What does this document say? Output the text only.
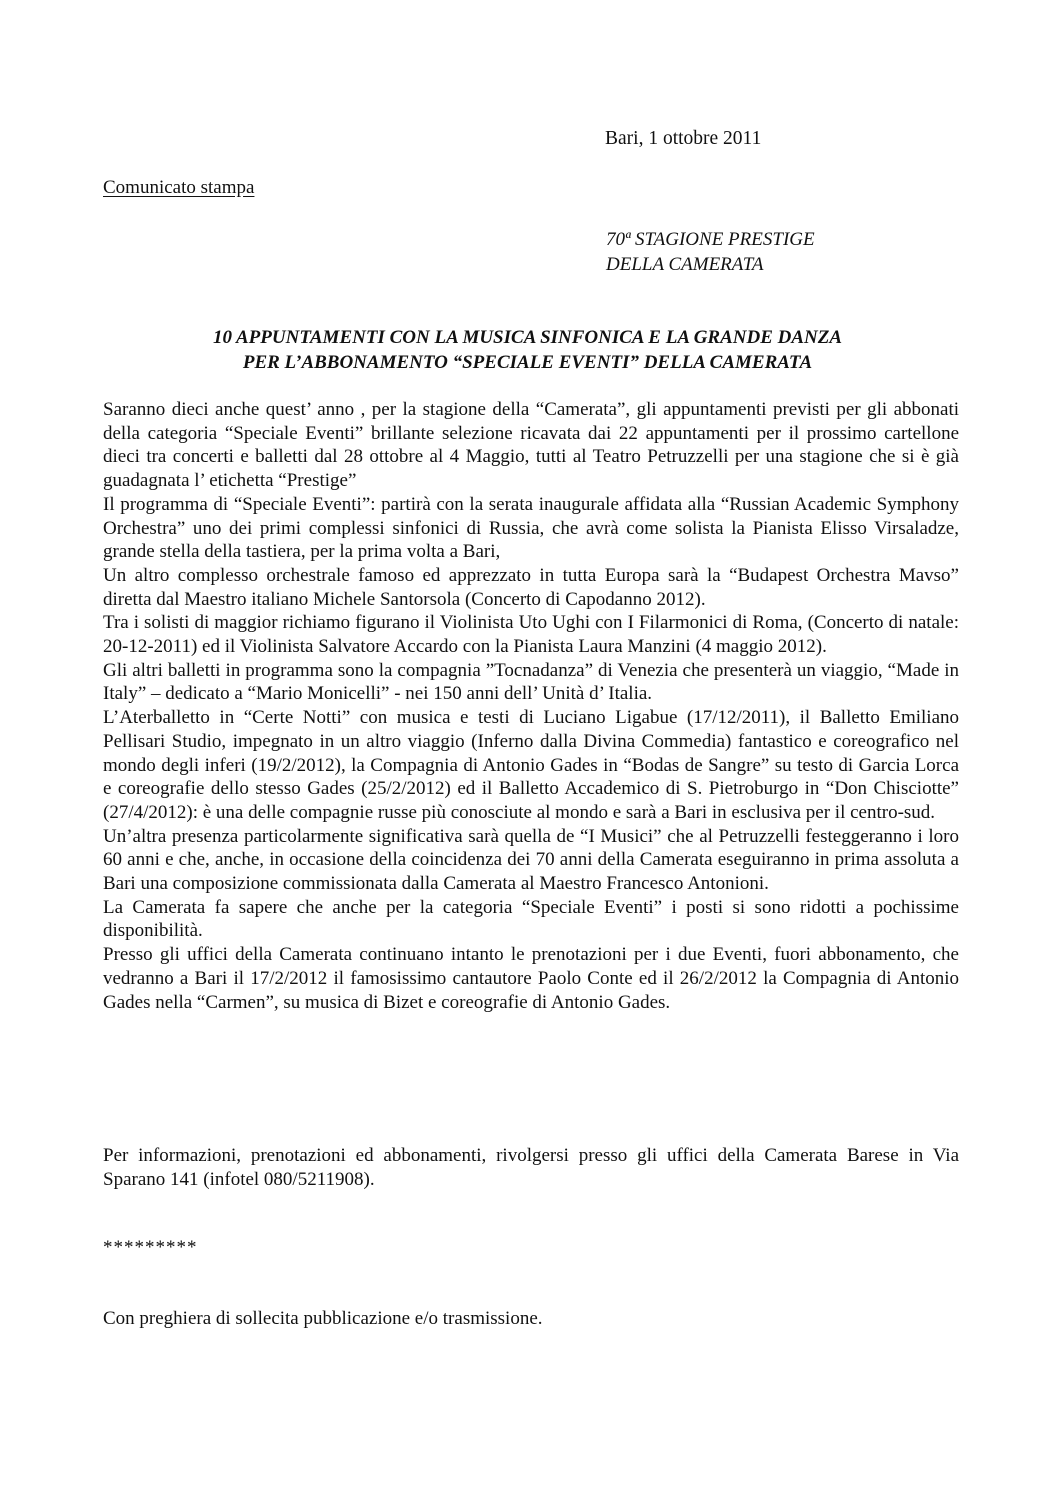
Bari, 1 ottobre 2011
Comunicato stampa
70ª STAGIONE PRESTIGE
DELLA CAMERATA
10 APPUNTAMENTI CON LA MUSICA SINFONICA E LA GRANDE DANZA
PER L’ABBONAMENTO “SPECIALE EVENTI” DELLA CAMERATA

Saranno dieci anche quest’ anno , per la stagione della “Camerata”, gli appuntamenti previsti per gli abbonati della categoria “Speciale Eventi” brillante selezione ricavata dai 22 appuntamenti per il prossimo cartellone dieci tra concerti e balletti dal 28 ottobre al 4 Maggio, tutti al Teatro Petruzzelli per una stagione che si è già guadagnata l’ etichetta “Prestige”

Il programma di “Speciale Eventi”: partirà con la serata inaugurale affidata alla “Russian Academic Symphony Orchestra” uno dei primi complessi sinfonici di Russia, che avrà come solista la Pianista Elisso Virsaladze, grande stella della tastiera, per la prima volta a Bari,

Un altro complesso orchestrale famoso ed apprezzato in tutta Europa sarà la “Budapest Orchestra Mavso” diretta dal Maestro italiano Michele Santorsola (Concerto di Capodanno 2012).

Tra i solisti di maggior richiamo figurano il Violinista Uto Ughi con I Filarmonici di Roma, (Concerto di natale: 20-12-2011) ed il Violinista Salvatore Accardo con la Pianista Laura Manzini (4 maggio 2012).

Gli altri balletti in programma sono la compagnia ”Tocnadanza” di Venezia che presenterà un viaggio, “Made in Italy” – dedicato a “Mario Monicelli” - nei 150 anni dell’ Unità d’ Italia.

L’Aterballetto in “Certe Notti” con musica e testi di Luciano Ligabue (17/12/2011), il Balletto Emiliano Pellisari Studio, impegnato in un altro viaggio (Inferno dalla Divina Commedia) fantastico e coreografico nel mondo degli inferi (19/2/2012), la Compagnia di Antonio Gades in “Bodas de Sangre” su testo di Garcia Lorca e coreografie dello stesso Gades (25/2/2012) ed il Balletto Accademico di S. Pietroburgo in “Don Chisciotte” (27/4/2012): è una delle compagnie russe più conosciute al mondo e sarà a Bari in esclusiva per il centro-sud.

Un’altra presenza particolarmente significativa sarà quella de “I Musici” che al Petruzzelli festeggeranno i loro 60 anni e che, anche, in occasione della coincidenza dei 70 anni della Camerata eseguiranno in prima assoluta a Bari una composizione commissionata dalla Camerata al Maestro Francesco Antonioni.

La Camerata fa sapere che anche per la categoria “Speciale Eventi” i posti si sono ridotti a pochissime disponibilità.

Presso gli uffici della Camerata continuano intanto le prenotazioni per i due Eventi, fuori abbonamento, che vedranno a Bari il 17/2/2012 il famosissimo cantautore Paolo Conte ed il 26/2/2012 la Compagnia di Antonio Gades nella “Carmen”, su musica di Bizet e coreografie di Antonio Gades.

Per informazioni, prenotazioni ed abbonamenti, rivolgersi presso gli uffici della Camerata Barese in Via Sparano 141 (infotel 080/5211908).

*********
Con preghiera di sollecita pubblicazione e/o trasmissione.
